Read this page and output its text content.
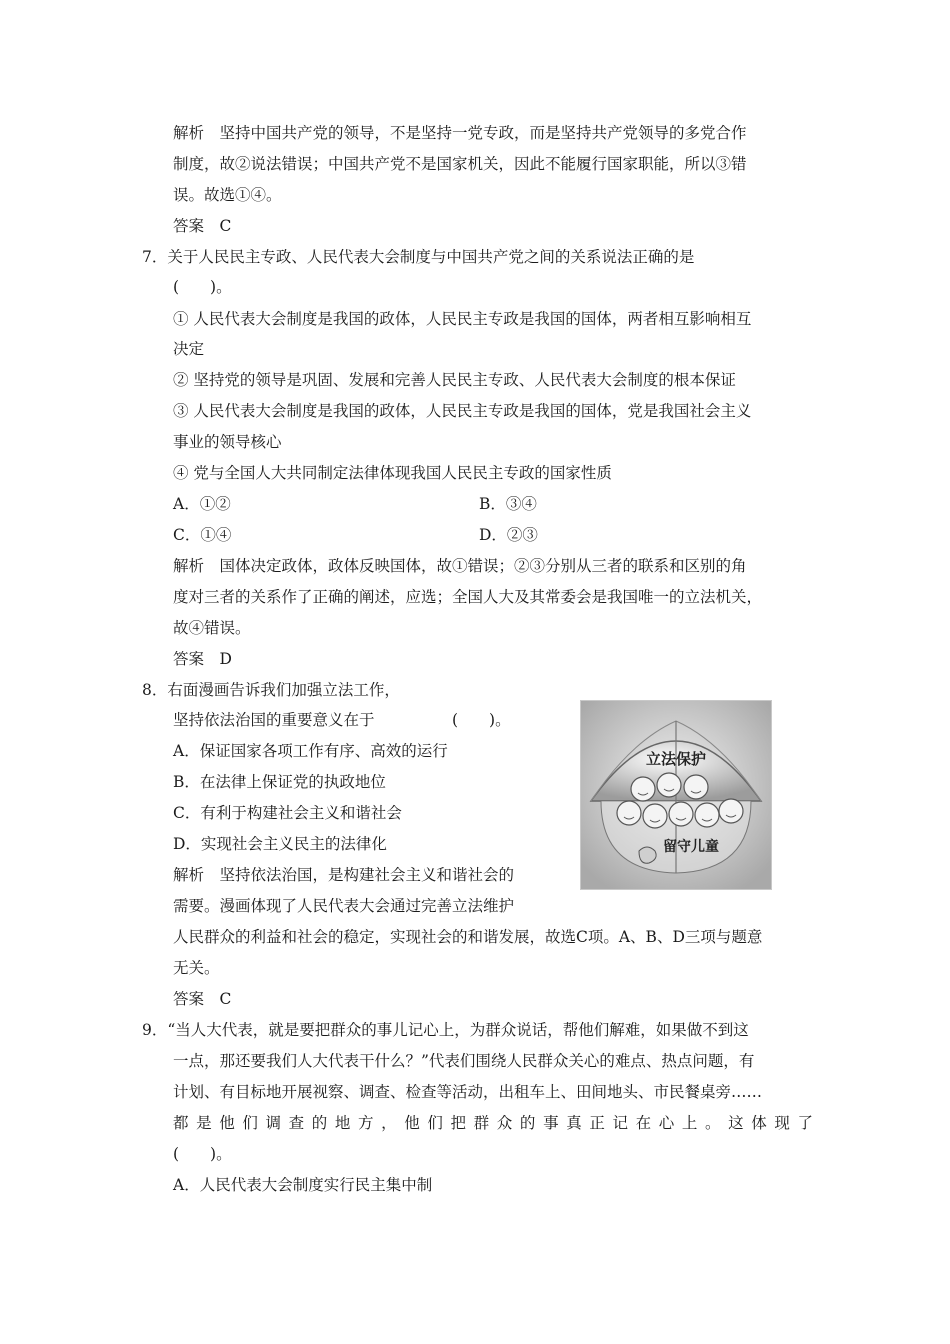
解析　坚持中国共产党的领导，不是坚持一党专政，而是坚持共产党领导的多党合作
制度，故②说法错误；中国共产党不是国家机关，因此不能履行国家职能，所以③错
误。故选①④。
答案　C
7．关于人民民主专政、人民代表大会制度与中国共产党之间的关系说法正确的是
(　　)。
① 人民代表大会制度是我国的政体，人民民主专政是我国的国体，两者相互影响相互
决定
② 坚持党的领导是巩固、发展和完善人民民主专政、人民代表大会制度的根本保证
③ 人民代表大会制度是我国的政体，人民民主专政是我国的国体，党是我国社会主义
事业的领导核心
④ 党与全国人大共同制定法律体现我国人民民主专政的国家性质
A．①②	B．③④
C．①④	D．②③
解析　国体决定政体，政体反映国体，故①错误；②③分别从三者的联系和区别的角
度对三者的关系作了正确的阐述，应选；全国人大及其常委会是我国唯一的立法机关，
故④错误。
答案　D
8．右面漫画告诉我们加强立法工作，
坚持依法治国的重要意义在于　　　　　(　　)。
A．保证国家各项工作有序、高效的运行
B．在法律上保证党的执政地位
C．有利于构建社会主义和谐社会
D．实现社会主义民主的法律化
解析　坚持依法治国，是构建社会主义和谐社会的
需要。漫画体现了人民代表大会通过完善立法维护
人民群众的利益和社会的稳定，实现社会的和谐发展，故选C项。A、B、D三项与题意
无关。
答案　C
立法保护
留守儿童
9．“当人大代表，就是要把群众的事儿记心上，为群众说话，帮他们解难，如果做不到这
一点，那还要我们人大代表干什么？”代表们围绕人民群众关心的难点、热点问题，有
计划、有目标地开展视察、调查、检查等活动，出租车上、田间地头、市民餐桌旁……
都是他们调查的地方，他们把群众的事真正记在心上。这体现了
(　　)。
A．人民代表大会制度实行民主集中制
